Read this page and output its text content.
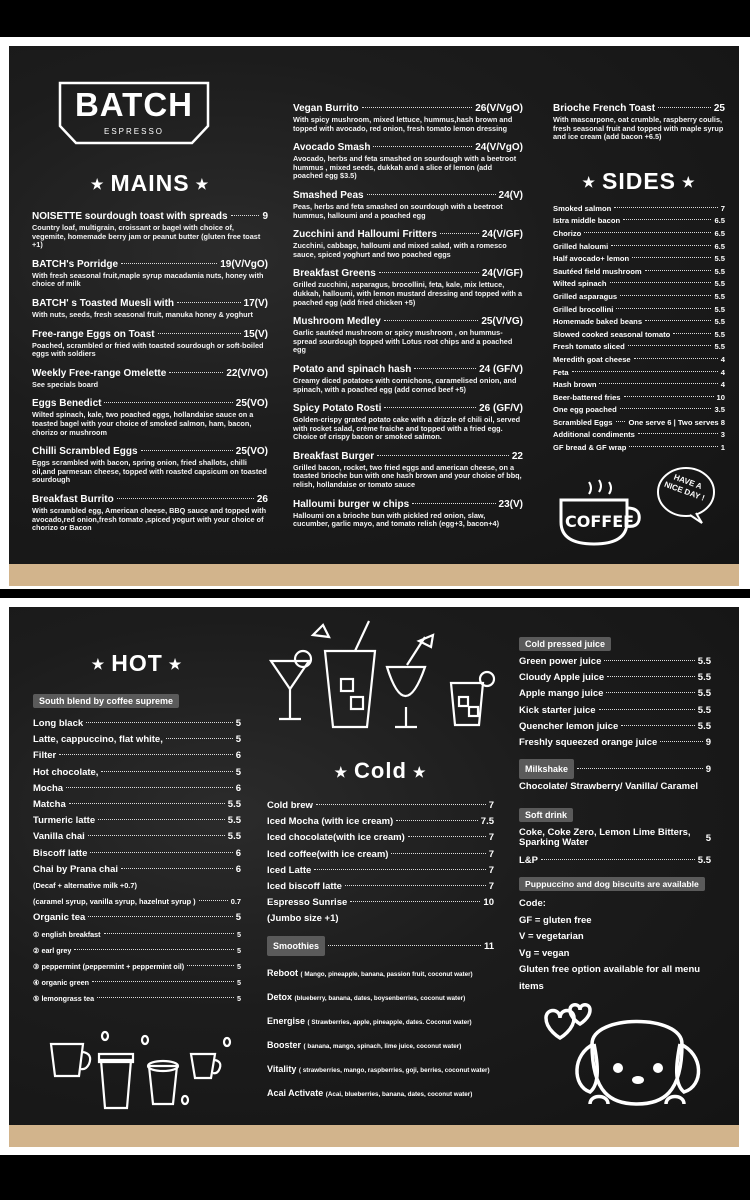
BATCH
ESPRESSO
★ MAINS ★
NOISETTE sourdough toast with spreads	9
Country loaf, multigrain, croissant or bagel with choice of, vegemite, homemade berry jam or peanut butter (gluten free toast +1)
BATCH's Porridge	19(V/VgO)
With fresh seasonal fruit,maple syrup macadamia nuts, honey with choice of milk
BATCH' s Toasted Muesli with	17(V)
With nuts, seeds, fresh seasonal fruit, manuka honey & yoghurt
Free-range Eggs on Toast	15(V)
Poached, scrambled or fried with toasted sourdough or soft-boiled eggs with soldiers
Weekly Free-range Omelette	22(V/VO)
See specials board
Eggs Benedict	25(VO)
Wilted spinach, kale, two poached eggs, hollandaise sauce on a toasted bagel with your choice of smoked salmon, ham, bacon, chorizo or mushroom
Chilli Scrambled Eggs	25(VO)
Eggs scrambled with bacon, spring onion, fried shallots, chilli oil,and parmesan cheese, topped with roasted capsicum on toasted sourdough
Breakfast Burrito	26
With scrambled egg, American cheese, BBQ sauce and topped with avocado,red onion,fresh tomato ,spiced yogurt with your choice of chorizo or Bacon
Vegan Burrito	26(V/VgO)
With spicy mushroom, mixed lettuce, hummus,hash brown and topped with avocado, red onion, fresh tomato lemon dressing
Avocado Smash	24(V/VgO)
Avocado, herbs and feta smashed on sourdough with a beetroot hummus , mixed seeds, dukkah and a slice of lemon (add poached egg $3.5)
Smashed Peas	24(V)
Peas, herbs and feta smashed on sourdough with a beetroot hummus, halloumi and a poached egg
Zucchini and Halloumi Fritters	24(V/GF)
Zucchini, cabbage, halloumi and mixed salad, with a romesco sauce, spiced yoghurt and two poached eggs
Breakfast Greens	24(V/GF)
Grilled zucchini, asparagus, brocollini, feta, kale, mix lettuce, dukkah, halloumi, with lemon mustard dressing and topped with a poached egg (add fried chicken +5)
Mushroom Medley	25(V/VG)
Garlic sautéed mushroom or spicy mushroom , on hummus-spread sourdough topped with Lotus root chips and a poached egg
Potato and spinach hash	24 (GF/V)
Creamy diced potatoes with cornichons, caramelised onion, and spinach, with a poached egg (add corned beef +5)
Spicy Potato Rosti	26 (GF/V)
Golden-crispy grated potato cake with a drizzle of chili oil, served with rocket salad, crème fraiche and topped with a fried egg. Choice of crispy bacon or smoked salmon.
Breakfast Burger	22
Grilled bacon, rocket, two fried eggs and american cheese, on a toasted brioche bun with one hash brown and your choice of bbq, relish, hollandaise or tomato sauce
Halloumi burger w chips	23(V)
Halloumi on a brioche bun with pickled red onion, slaw, cucumber, garlic mayo, and tomato relish (egg+3, bacon+4)
Brioche French Toast	25
With mascarpone, oat crumble, raspberry coulis, fresh seasonal fruit and topped with maple syrup and ice cream (add bacon +6.5)
★ SIDES ★
Smoked salmon	7
Istra middle bacon	6.5
Chorizo	6.5
Grilled haloumi	6.5
Half avocado+ lemon	5.5
Sautéed field mushroom	5.5
Wilted spinach	5.5
Grilled asparagus	5.5
Grilled brocollini	5.5
Homemade baked beans	5.5
Slowed cooked seasonal tomato	5.5
Fresh tomato sliced	5.5
Meredith goat cheese	4
Feta	4
Hash brown	4
Beer-battered fries	10
One egg poached	3.5
Scrambled Eggs One serve 6 | Two serves 8
Additional condiments	3
GF bread & GF wrap	1
COFFEE
HAVE A NICE DAY !
★ HOT ★
South blend by coffee supreme
Long black	5
Latte, cappuccino, flat white,	5
Filter	6
Hot chocolate,	5
Mocha	6
Matcha	5.5
Turmeric latte	5.5
Vanilla chai	5.5
Biscoff latte	6
Chai by Prana chai	6
(Decaf + alternative milk +0.7)
(caramel syrup, vanilla syrup, hazelnut syrup )	0.7
Organic tea	5
① english breakfast	5
② earl grey	5
③ peppermint (peppermint + peppermint oil)	5
④ organic green	5
⑤ lemongrass tea	5
★ Cold ★
Cold brew	7
Iced Mocha (with ice cream)	7.5
Iced chocolate(with ice cream)	7
Iced coffee(with ice cream)	7
Iced Latte	7
Iced biscoff latte	7
Espresso Sunrise	10
(Jumbo size +1)
Smoothies	11
Reboot ( Mango, pineapple, banana, passion fruit, coconut water)
Detox (blueberry, banana, dates, boysenberries, coconut water)
Energise ( Strawberries, apple, pineapple, dates. Coconut water)
Booster ( banana, mango, spinach, lime juice, coconut water)
Vitality ( strawberries, mango, raspberries, goji, berries, coconut water)
Acai Activate (Acai, blueberries, banana, dates, coconut water)
Cold pressed juice
Green power juice	5.5
Cloudy Apple juice	5.5
Apple mango juice	5.5
Kick starter juice	5.5
Quencher lemon juice	5.5
Freshly squeezed orange juice	9
Milkshake	9
Chocolate/ Strawberry/ Vanilla/ Caramel
Soft drink
Coke, Coke Zero, Lemon Lime Bitters, Sparking Water	5
L&P	5.5
Puppuccino and dog biscuits are available
Code:
GF = gluten free
V = vegetarian
Vg = vegan
Gluten free option available for all menu items
